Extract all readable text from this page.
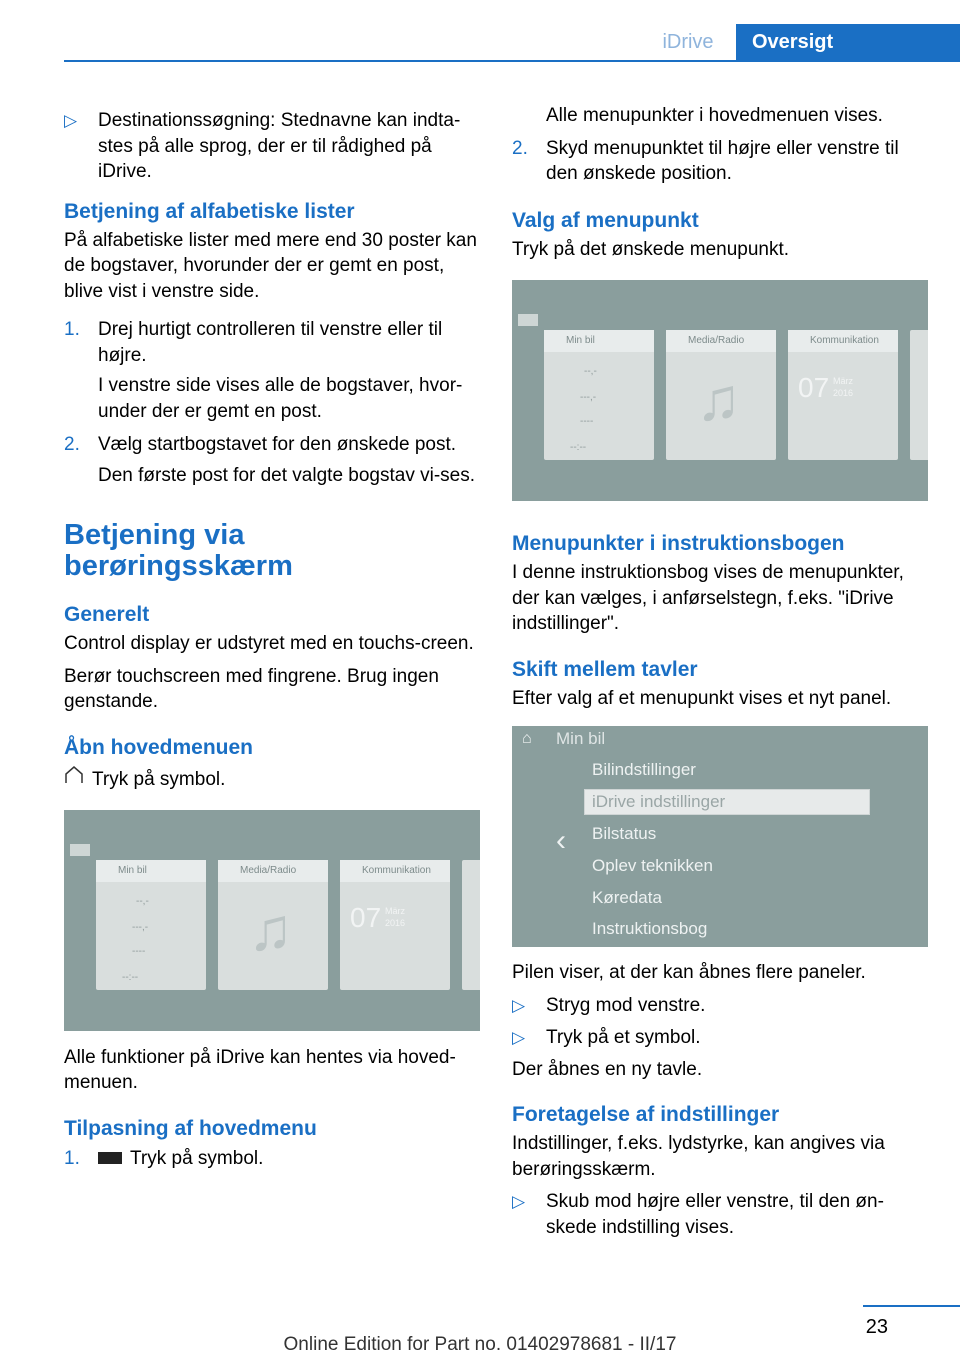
iDrive	Oversigt
▷ Destinationssøgning: Stednavne kan indta‐stes på alle sprog, der er til rådighed på iDrive.
Betjening af alfabetiske lister

På alfabetiske lister med mere end 30 poster kan de bogstaver, hvorunder der er gemt en post, blive vist i venstre side.

1. Drej hurtigt controlleren til venstre eller til højre.
I venstre side vises alle de bogstaver, hvor‐under der er gemt en post.
2. Vælg startbogstavet for den ønskede post.
Den første post for det valgte bogstav vi‐ses.
Betjening via berøringsskærm
Generelt

Control display er udstyret med en touchs‐creen.

Berør touchscreen med fingrene. Brug ingen genstande.

Åbn hovedmenuen
Tryk på symbol.
Min bil
--,-
---,-
----
--:--
Media/Radio
♫
Kommunikation
07 März
2016

Alle funktioner på iDrive kan hentes via hoved‐menuen.

Tilpasning af hovedmenu
1.	Tryk på symbol.
Alle menupunkter i hovedmenuen vises.
2. Skyd menupunktet til højre eller venstre til den ønskede position.
Valg af menupunkt

Tryk på det ønskede menupunkt.

Min bil
--,-
---,-
----
--:--
Media/Radio
♫
Kommunikation
07 März
2016
Menupunkter i instruktionsbogen

I denne instruktionsbog vises de menupunkter, der kan vælges, i anførselstegn, f.eks. "iDrive indstillinger".

Skift mellem tavler

Efter valg af et menupunkt vises et nyt panel.

⌂ Min bil
‹
Bilindstillinger
iDrive indstillinger
Bilstatus
Oplev teknikken
Køredata
Instruktionsbog

Pilen viser, at der kan åbnes flere paneler.

▷ Stryg mod venstre.
▷ Tryk på et symbol.

Der åbnes en ny tavle.

Foretagelse af indstillinger

Indstillinger, f.eks. lydstyrke, kan angives via berøringsskærm.

▷ Skub mod højre eller venstre, til den øn‐skede indstilling vises.
23
Online Edition for Part no. 01402978681 - II/17
